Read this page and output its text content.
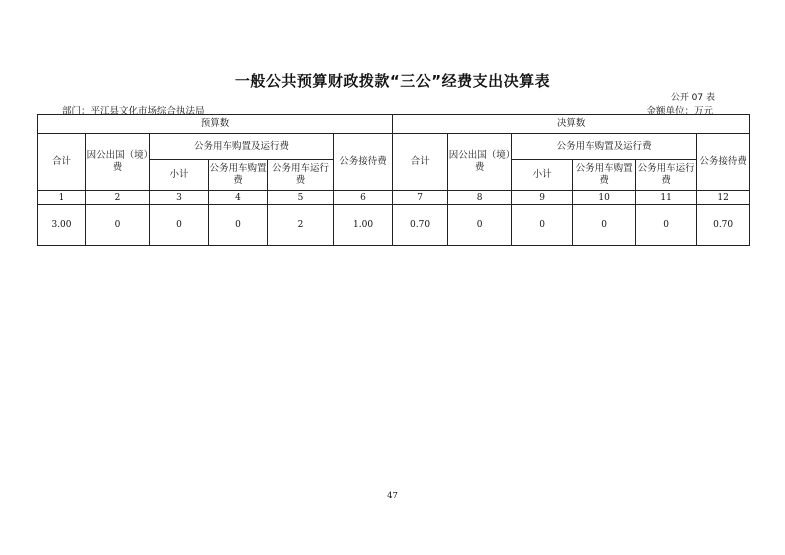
一般公共预算财政拨款“三公”经费支出决算表
公开 07 表
部门：平江县文化市场综合执法局	金额单位：万元
预算数						决算数					
合计	因公出国（境）费	公务用车购置及运行费			公务接待费	合计	因公出国（境）费	公务用车购置及运行费			公务接待费
		小计	公务用车购置费	公务用车运行费				小计	公务用车购置费	公务用车运行费	
1	2	3	4	5	6	7	8	9	10	11	12
3.00	0	0	0	2	1.00	0.70	0	0	0	0	0.70
47
